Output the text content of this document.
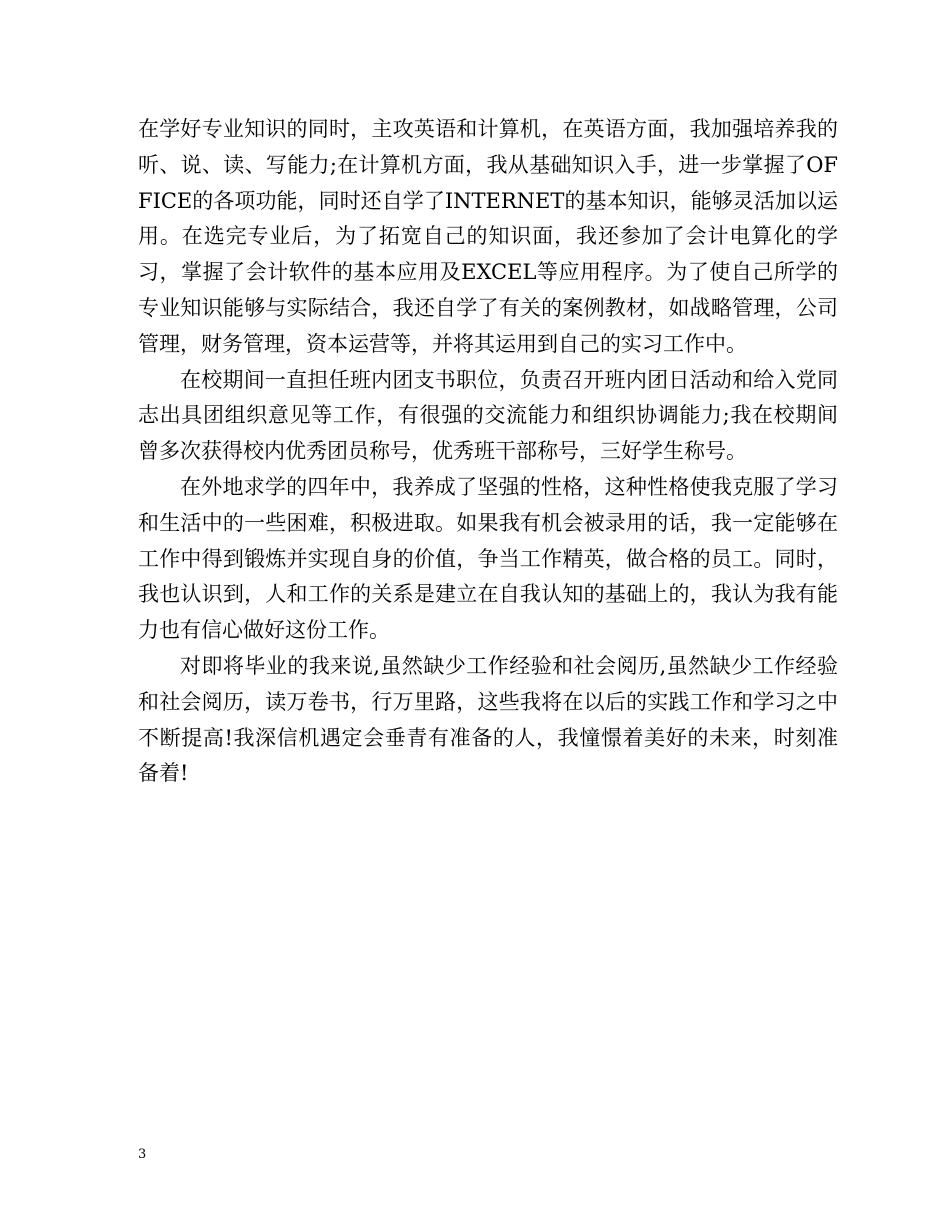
在学好专业知识的同时，主攻英语和计算机，在英语方面，我加强培养我的听、说、读、写能力;在计算机方面，我从基础知识入手，进一步掌握了OFFICE的各项功能，同时还自学了INTERNET的基本知识，能够灵活加以运用。在选完专业后，为了拓宽自己的知识面，我还参加了会计电算化的学习，掌握了会计软件的基本应用及EXCEL等应用程序。为了使自己所学的专业知识能够与实际结合，我还自学了有关的案例教材，如战略管理，公司管理，财务管理，资本运营等，并将其运用到自己的实习工作中。

在校期间一直担任班内团支书职位，负责召开班内团日活动和给入党同志出具团组织意见等工作，有很强的交流能力和组织协调能力;我在校期间曾多次获得校内优秀团员称号，优秀班干部称号，三好学生称号。

在外地求学的四年中，我养成了坚强的性格，这种性格使我克服了学习和生活中的一些困难，积极进取。如果我有机会被录用的话，我一定能够在工作中得到锻炼并实现自身的价值，争当工作精英，做合格的员工。同时，我也认识到，人和工作的关系是建立在自我认知的基础上的，我认为我有能力也有信心做好这份工作。

对即将毕业的我来说,虽然缺少工作经验和社会阅历,虽然缺少工作经验和社会阅历，读万卷书，行万里路，这些我将在以后的实践工作和学习之中不断提高!我深信机遇定会垂青有准备的人，我憧憬着美好的未来，时刻准备着!

3
